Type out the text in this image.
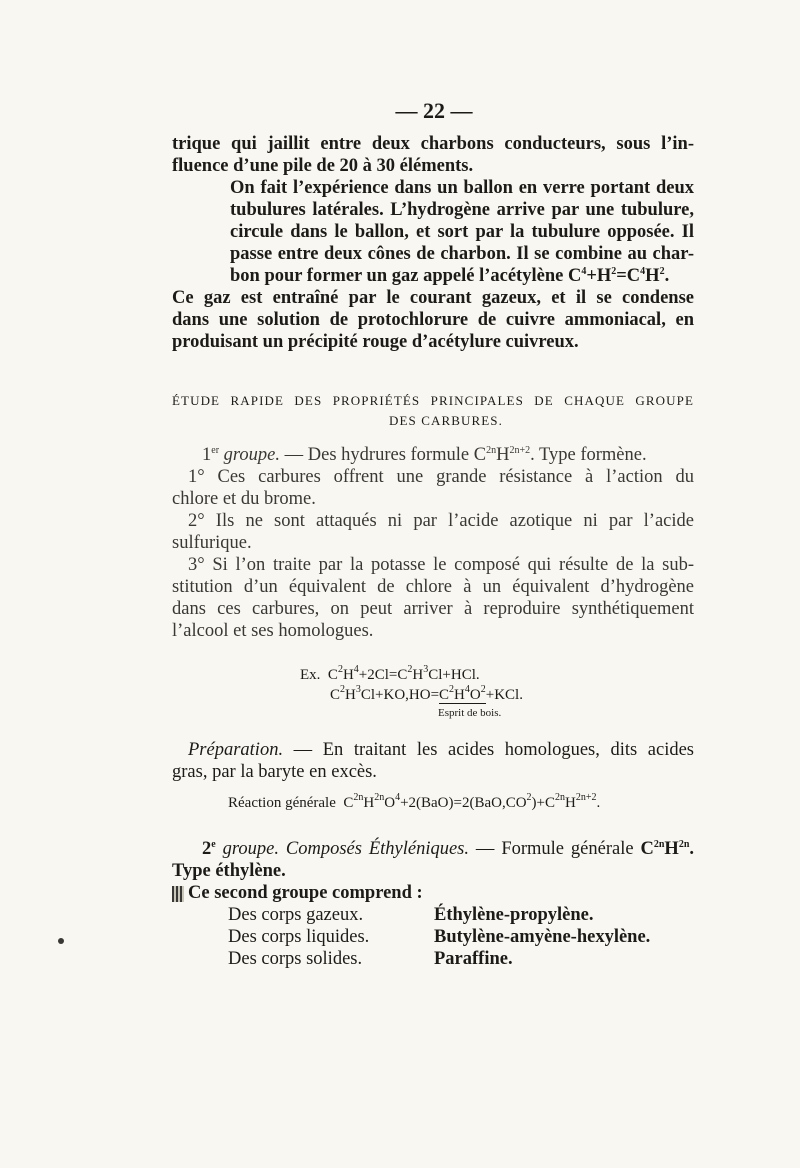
— 22 —
trique qui jaillit entre deux charbons conducteurs, sous l’in-
fluence d’une pile de 20 à 30 éléments.
On fait l’expérience dans un ballon en verre portant deux
tubulures latérales. L’hydrogène arrive par une tubulure,
circule dans le ballon, et sort par la tubulure opposée. Il
passe entre deux cônes de charbon. Il se combine au char-
bon pour former un gaz appelé l’acétylène $C^4+H^2=C^4H^2$.
Ce gaz est entraîné par le courant gazeux, et il se condense
dans une solution de protochlorure de cuivre ammoniacal, en
produisant un précipité rouge d’acétylure cuivreux.
ÉTUDE RAPIDE DES PROPRIÉTÉS PRINCIPALES DE CHAQUE GROUPE
DES CARBURES.
1er groupe. — Des hydrures formule $C^{2n}H^{2n+2}$. Type formène.
1° Ces carbures offrent une grande résistance à l’action du
chlore et du brome.
2° Ils ne sont attaqués ni par l’acide azotique ni par l’acide
sulfurique.
3° Si l’on traite par la potasse le composé qui résulte de la sub-
stitution d’un équivalent de chlore à un équivalent d’hydrogène
dans ces carbures, on peut arriver à reproduire synthétiquement
l’alcool et ses homologues.
Ex.  $C^2H^4+2Cl=C^2H^3Cl+HCl$.
$C^2H^3Cl+KO,HO=C^2H^4O^2+KCl$.
Esprit de bois.
Préparation. — En traitant les acides homologues, dits acides
gras, par la baryte en excès.
Réaction générale  $C^{2n}H^{2n}O^4+2(BaO)=2(BaO,CO^2)+C^{2n}H^{2n+2}$.
2e groupe. Composés Éthyléniques. — Formule générale $C^{2n}H^{2n}$.
Type éthylène.
Ce second groupe comprend :
Des corps gazeux.	Éthylène-propylène.
Des corps liquides.	Butylène-amyène-hexylène.
Des corps solides.	Paraffine.
